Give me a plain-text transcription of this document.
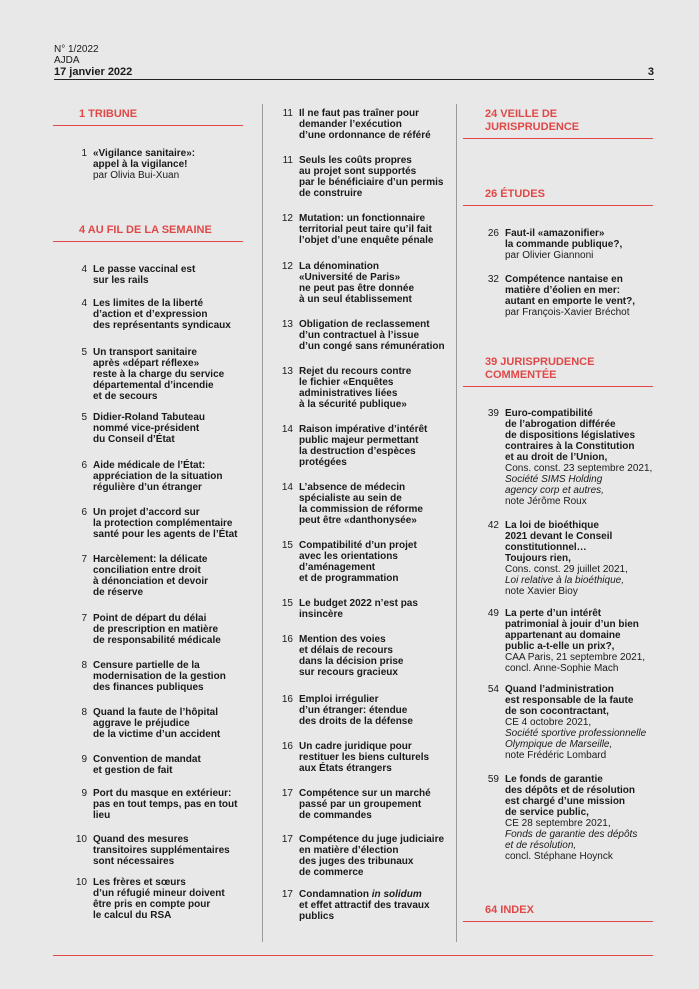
N° 1/2022
AJDA
17 janvier 2022	3
1 TRIBUNE
1 «Vigilance sanitaire»:
appel à la vigilance!
par Olivia Bui-Xuan
4 AU FIL DE LA SEMAINE
4 Le passe vaccinal est
sur les rails
4 Les limites de la liberté
d’action et d’expression
des représentants syndicaux
5 Un transport sanitaire
après «départ réflexe»
reste à la charge du service
départemental d’incendie
et de secours
5 Didier-Roland Tabuteau
nommé vice-président
du Conseil d’État
6 Aide médicale de l’État:
appréciation de la situation
régulière d’un étranger
6 Un projet d’accord sur
la protection complémentaire
santé pour les agents de l’État
7 Harcèlement: la délicate
conciliation entre droit
à dénonciation et devoir
de réserve
7 Point de départ du délai
de prescription en matière
de responsabilité médicale
8 Censure partielle de la
modernisation de la gestion
des finances publiques
8 Quand la faute de l’hôpital
aggrave le préjudice
de la victime d’un accident
9 Convention de mandat
et gestion de fait
9 Port du masque en extérieur:
pas en tout temps, pas en tout
lieu
10 Quand des mesures
transitoires supplémentaires
sont nécessaires
10 Les frères et sœurs
d’un réfugié mineur doivent
être pris en compte pour
le calcul du RSA
11 Il ne faut pas traîner pour
demander l’exécution
d’une ordonnance de référé
11 Seuls les coûts propres
au projet sont supportés
par le bénéficiaire d’un permis
de construire
12 Mutation: un fonctionnaire
territorial peut taire qu’il fait
l’objet d’une enquête pénale
12 La dénomination
«Université de Paris»
ne peut pas être donnée
à un seul établissement
13 Obligation de reclassement
d’un contractuel à l’issue
d’un congé sans rémunération
13 Rejet du recours contre
le fichier «Enquêtes
administratives liées
à la sécurité publique»
14 Raison impérative d’intérêt
public majeur permettant
la destruction d’espèces
protégées
14 L’absence de médecin
spécialiste au sein de
la commission de réforme
peut être «danthonysée»
15 Compatibilité d’un projet
avec les orientations
d’aménagement
et de programmation
15 Le budget 2022 n’est pas
insincère
16 Mention des voies
et délais de recours
dans la décision prise
sur recours gracieux
16 Emploi irrégulier
d’un étranger: étendue
des droits de la défense
16 Un cadre juridique pour
restituer les biens culturels
aux États étrangers
17 Compétence sur un marché
passé par un groupement
de commandes
17 Compétence du juge judiciaire
en matière d’élection
des juges des tribunaux
de commerce
17 Condamnation in solidum
et effet attractif des travaux
publics
24 VEILLE DE
JURISPRUDENCE
26 ÉTUDES
26 Faut-il «amazonifier»
la commande publique?,
par Olivier Giannoni
32 Compétence nantaise en
matière d’éolien en mer:
autant en emporte le vent?,
par François-Xavier Bréchot
39 JURISPRUDENCE
COMMENTÉE
39 Euro-compatibilité
de l’abrogation différée
de dispositions législatives
contraires à la Constitution
et au droit de l’Union,
Cons. const. 23 septembre 2021,
Société SIMS Holding
agency corp et autres,
note Jérôme Roux
42 La loi de bioéthique
2021 devant le Conseil
constitutionnel…
Toujours rien,
Cons. const. 29 juillet 2021,
Loi relative à la bioéthique,
note Xavier Bioy
49 La perte d’un intérêt
patrimonial à jouir d’un bien
appartenant au domaine
public a-t-elle un prix?,
CAA Paris, 21 septembre 2021,
concl. Anne-Sophie Mach
54 Quand l’administration
est responsable de la faute
de son cocontractant,
CE 4 octobre 2021,
Société sportive professionnelle
Olympique de Marseille,
note Frédéric Lombard
59 Le fonds de garantie
des dépôts et de résolution
est chargé d’une mission
de service public,
CE 28 septembre 2021,
Fonds de garantie des dépôts
et de résolution,
concl. Stéphane Hoynck
64 INDEX
